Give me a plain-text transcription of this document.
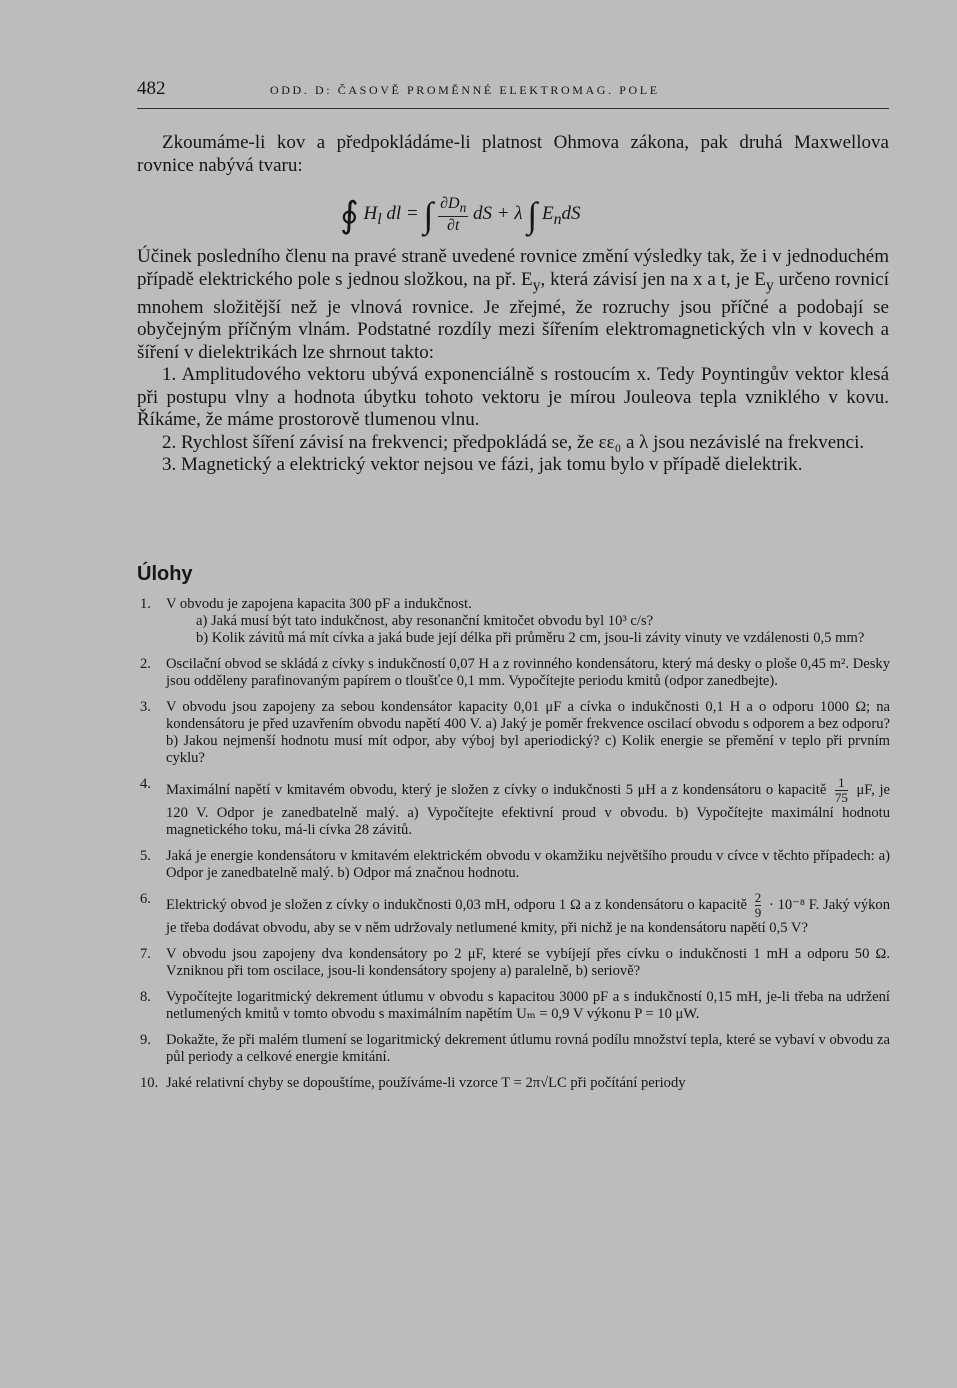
482	ODD. D: ČASOVĚ PROMĚNNÉ ELEKTROMAG. POLE

Zkoumáme-li kov a předpokládáme-li platnost Ohmova zákona, pak druhá Maxwellova rovnice nabývá tvaru:

∮ $H_l$ dl = ∫ $\frac{\partial D_n}{\partial t}$ dS + λ ∫ $E_ndS$

Účinek posledního členu na pravé straně uvedené rovnice změní výsledky tak, že i v jednoduchém případě elektrického pole s jednou složkou, na př. $E_y$, která závisí jen na x a t, je $E_y$ určeno rovnicí mnohem složitější než je vlnová rovnice. Je zřejmé, že rozruchy jsou příčné a podobají se obyčejným příčným vlnám. Podstatné rozdíly mezi šířením elektromagnetických vln v kovech a šíření v dielektrikách lze shrnout takto:

1. Amplitudového vektoru ubývá exponenciálně s rostoucím x. Tedy Poyntingův vektor klesá při postupu vlny a hodnota úbytku tohoto vektoru je mírou Jouleova tepla vzniklého v kovu. Říkáme, že máme prostorově tlumenou vlnu.

2. Rychlost šíření závisí na frekvenci; předpokládá se, že εε₀ a λ jsou nezávislé na frekvenci.

3. Magnetický a elektrický vektor nejsou ve fázi, jak tomu bylo v případě dielektrik.

Úlohy
1. V obvodu je zapojena kapacita 300 pF a indukčnost.
a) Jaká musí být tato indukčnost, aby resonanční kmitočet obvodu byl 10³ c/s?
b) Kolik závitů má mít cívka a jaká bude její délka při průměru 2 cm, jsou-li závity vinuty ve vzdálenosti 0,5 mm?
2. Oscilační obvod se skládá z cívky s indukčností 0,07 H a z rovinného kondensátoru, který má desky o ploše 0,45 m². Desky jsou odděleny parafinovaným papírem o tloušťce 0,1 mm. Vypočítejte periodu kmitů (odpor zanedbejte).
3. V obvodu jsou zapojeny za sebou kondensátor kapacity 0,01 μF a cívka o indukčnosti 0,1 H a o odporu 1000 Ω; na kondensátoru je před uzavřením obvodu napětí 400 V. a) Jaký je poměr frekvence oscilací obvodu s odporem a bez odporu? b) Jakou nejmenší hodnotu musí mít odpor, aby výboj byl aperiodický? c) Kolik energie se přemění v teplo při prvním cyklu?
4. Maximální napětí v kmitavém obvodu, který je složen z cívky o indukčnosti 5 μH a z kondensátoru o kapacitě $\frac{1}{75} \mu F$, je 120 V. Odpor je zanedbatelně malý. a) Vypočítejte efektivní proud v obvodu. b) Vypočítejte maximální hodnotu magnetického toku, má-li cívka 28 závitů.
5. Jaká je energie kondensátoru v kmitavém elektrickém obvodu v okamžiku největšího proudu v cívce v těchto případech: a) Odpor je zanedbatelně malý. b) Odpor má značnou hodnotu.
6. Elektrický obvod je složen z cívky o indukčnosti 0,03 mH, odporu 1 Ω a z kondensátoru o kapacitě $\frac{2}{9} \cdot 10^{-8}$ F. Jaký výkon je třeba dodávat obvodu, aby se v něm udržovaly netlumené kmity, při nichž je na kondensátoru napětí 0,5 V?
7. V obvodu jsou zapojeny dva kondensátory po 2 μF, které se vybíjejí přes cívku o indukčnosti 1 mH a odporu 50 Ω. Vzniknou při tom oscilace, jsou-li kondensátory spojeny a) paralelně, b) seriově?
8. Vypočítejte logaritmický dekrement útlumu v obvodu s kapacitou 3000 pF a s indukčností 0,15 mH, je-li třeba na udržení netlumených kmitů v tomto obvodu s maximálním napětím Uₘ = 0,9 V výkonu P = 10 μW.
9. Dokažte, že při malém tlumení se logaritmický dekrement útlumu rovná podílu množství tepla, které se vybaví v obvodu za půl periody a celkové energie kmitání.
10. Jaké relativní chyby se dopouštíme, používáme-li vzorce T = 2π√LC při počítání periody
